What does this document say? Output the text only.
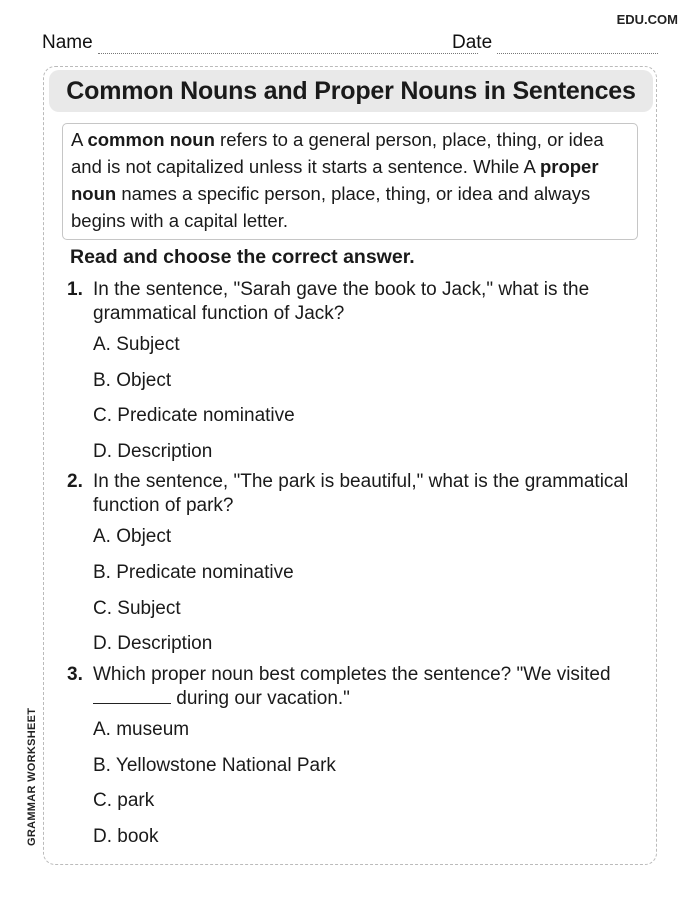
EDU.COM
Name	Date
Common Nouns and Proper Nouns in Sentences
A common noun refers to a general person, place, thing, or idea and is not capitalized unless it starts a sentence. While A proper noun names a specific person, place, thing, or idea and always begins with a capital letter.
Read and choose the correct answer.
1. In the sentence, "Sarah gave the book to Jack," what is the grammatical function of Jack?
A. Subject
B. Object
C. Predicate nominative
D. Description
2. In the sentence, "The park is beautiful," what is the grammatical function of park?
A. Object
B. Predicate nominative
C. Subject
D. Description
3. Which proper noun best completes the sentence? "We visited  during our vacation."
A. museum
B. Yellowstone National Park
C. park
D. book
GRAMMAR WORKSHEET
